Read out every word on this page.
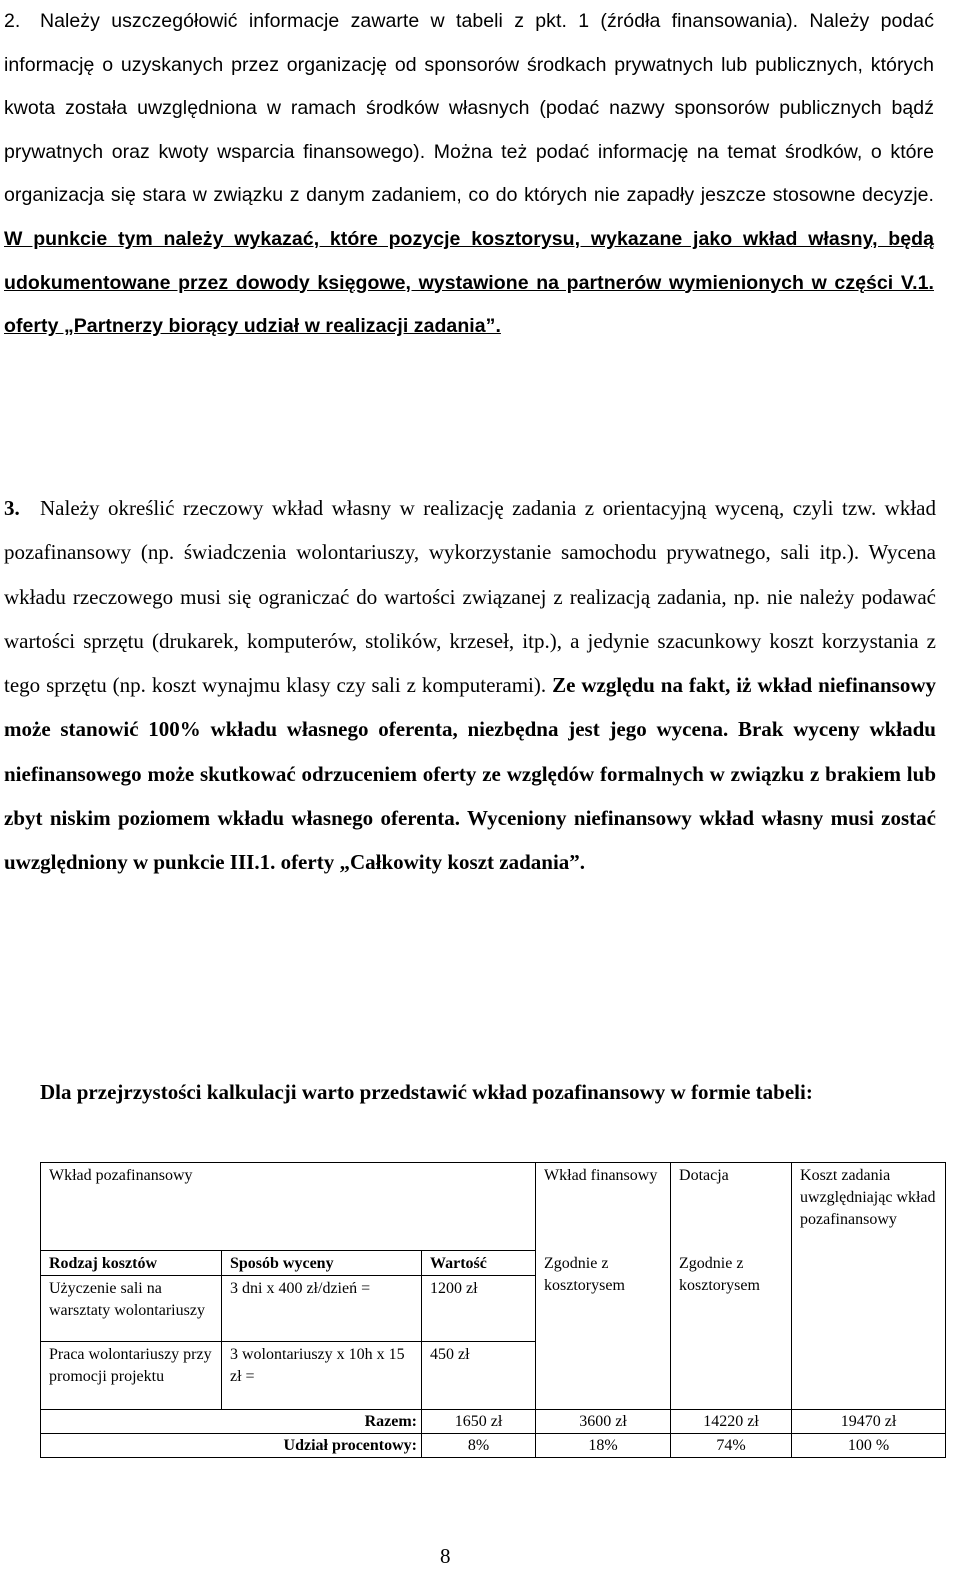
2. Należy uszczegółowić informacje zawarte w tabeli z pkt. 1 (źródła finansowania). Należy podać informację o uzyskanych przez organizację od sponsorów środkach prywatnych lub publicznych, których kwota została uwzględniona w ramach środków własnych (podać nazwy sponsorów publicznych bądź prywatnych oraz kwoty wsparcia finansowego). Można też podać informację na temat środków, o które organizacja się stara w związku z danym zadaniem, co do których nie zapadły jeszcze stosowne decyzje. W punkcie tym należy wykazać, które pozycje kosztorysu, wykazane jako wkład własny, będą udokumentowane przez dowody księgowe, wystawione na partnerów wymienionych w części V.1. oferty „Partnerzy biorący udział w realizacji zadania”.

3. Należy określić rzeczowy wkład własny w realizację zadania z orientacyjną wyceną, czyli tzw. wkład pozafinansowy (np. świadczenia wolontariuszy, wykorzystanie samochodu prywatnego, sali itp.). Wycena wkładu rzeczowego musi się ograniczać do wartości związanej z realizacją zadania, np. nie należy podawać wartości sprzętu (drukarek, komputerów, stolików, krzeseł, itp.), a jedynie szacunkowy koszt korzystania z tego sprzętu (np. koszt wynajmu klasy czy sali z komputerami). Ze względu na fakt, iż wkład niefinansowy może stanowić 100% wkładu własnego oferenta, niezbędna jest jego wycena. Brak wyceny wkładu niefinansowego może skutkować odrzuceniem oferty ze względów formalnych w związku z brakiem lub zbyt niskim poziomem wkładu własnego oferenta. Wyceniony niefinansowy wkład własny musi zostać uwzględniony w punkcie III.1. oferty „Całkowity koszt zadania”.

Dla przejrzystości kalkulacji warto przedstawić wkład pozafinansowy w formie tabeli:

Wkład pozafinansowy			Wkład finansowy	Dotacja	Koszt zadania uwzględniając wkład pozafinansowy
Rodzaj kosztów	Sposób wyceny	Wartość	Zgodnie z kosztorysem	Zgodnie z kosztorysem	
Użyczenie sali na warsztaty wolontariuszy	3 dni x 400 zł/dzień =	1200 zł			
Praca wolontariuszy przy promocji projektu	3 wolontariuszy x 10h x 15 zł =	450 zł			
Razem:		1650 zł	3600 zł	14220 zł	19470 zł
Udział procentowy:		8%	18%	74%	100 %
8
